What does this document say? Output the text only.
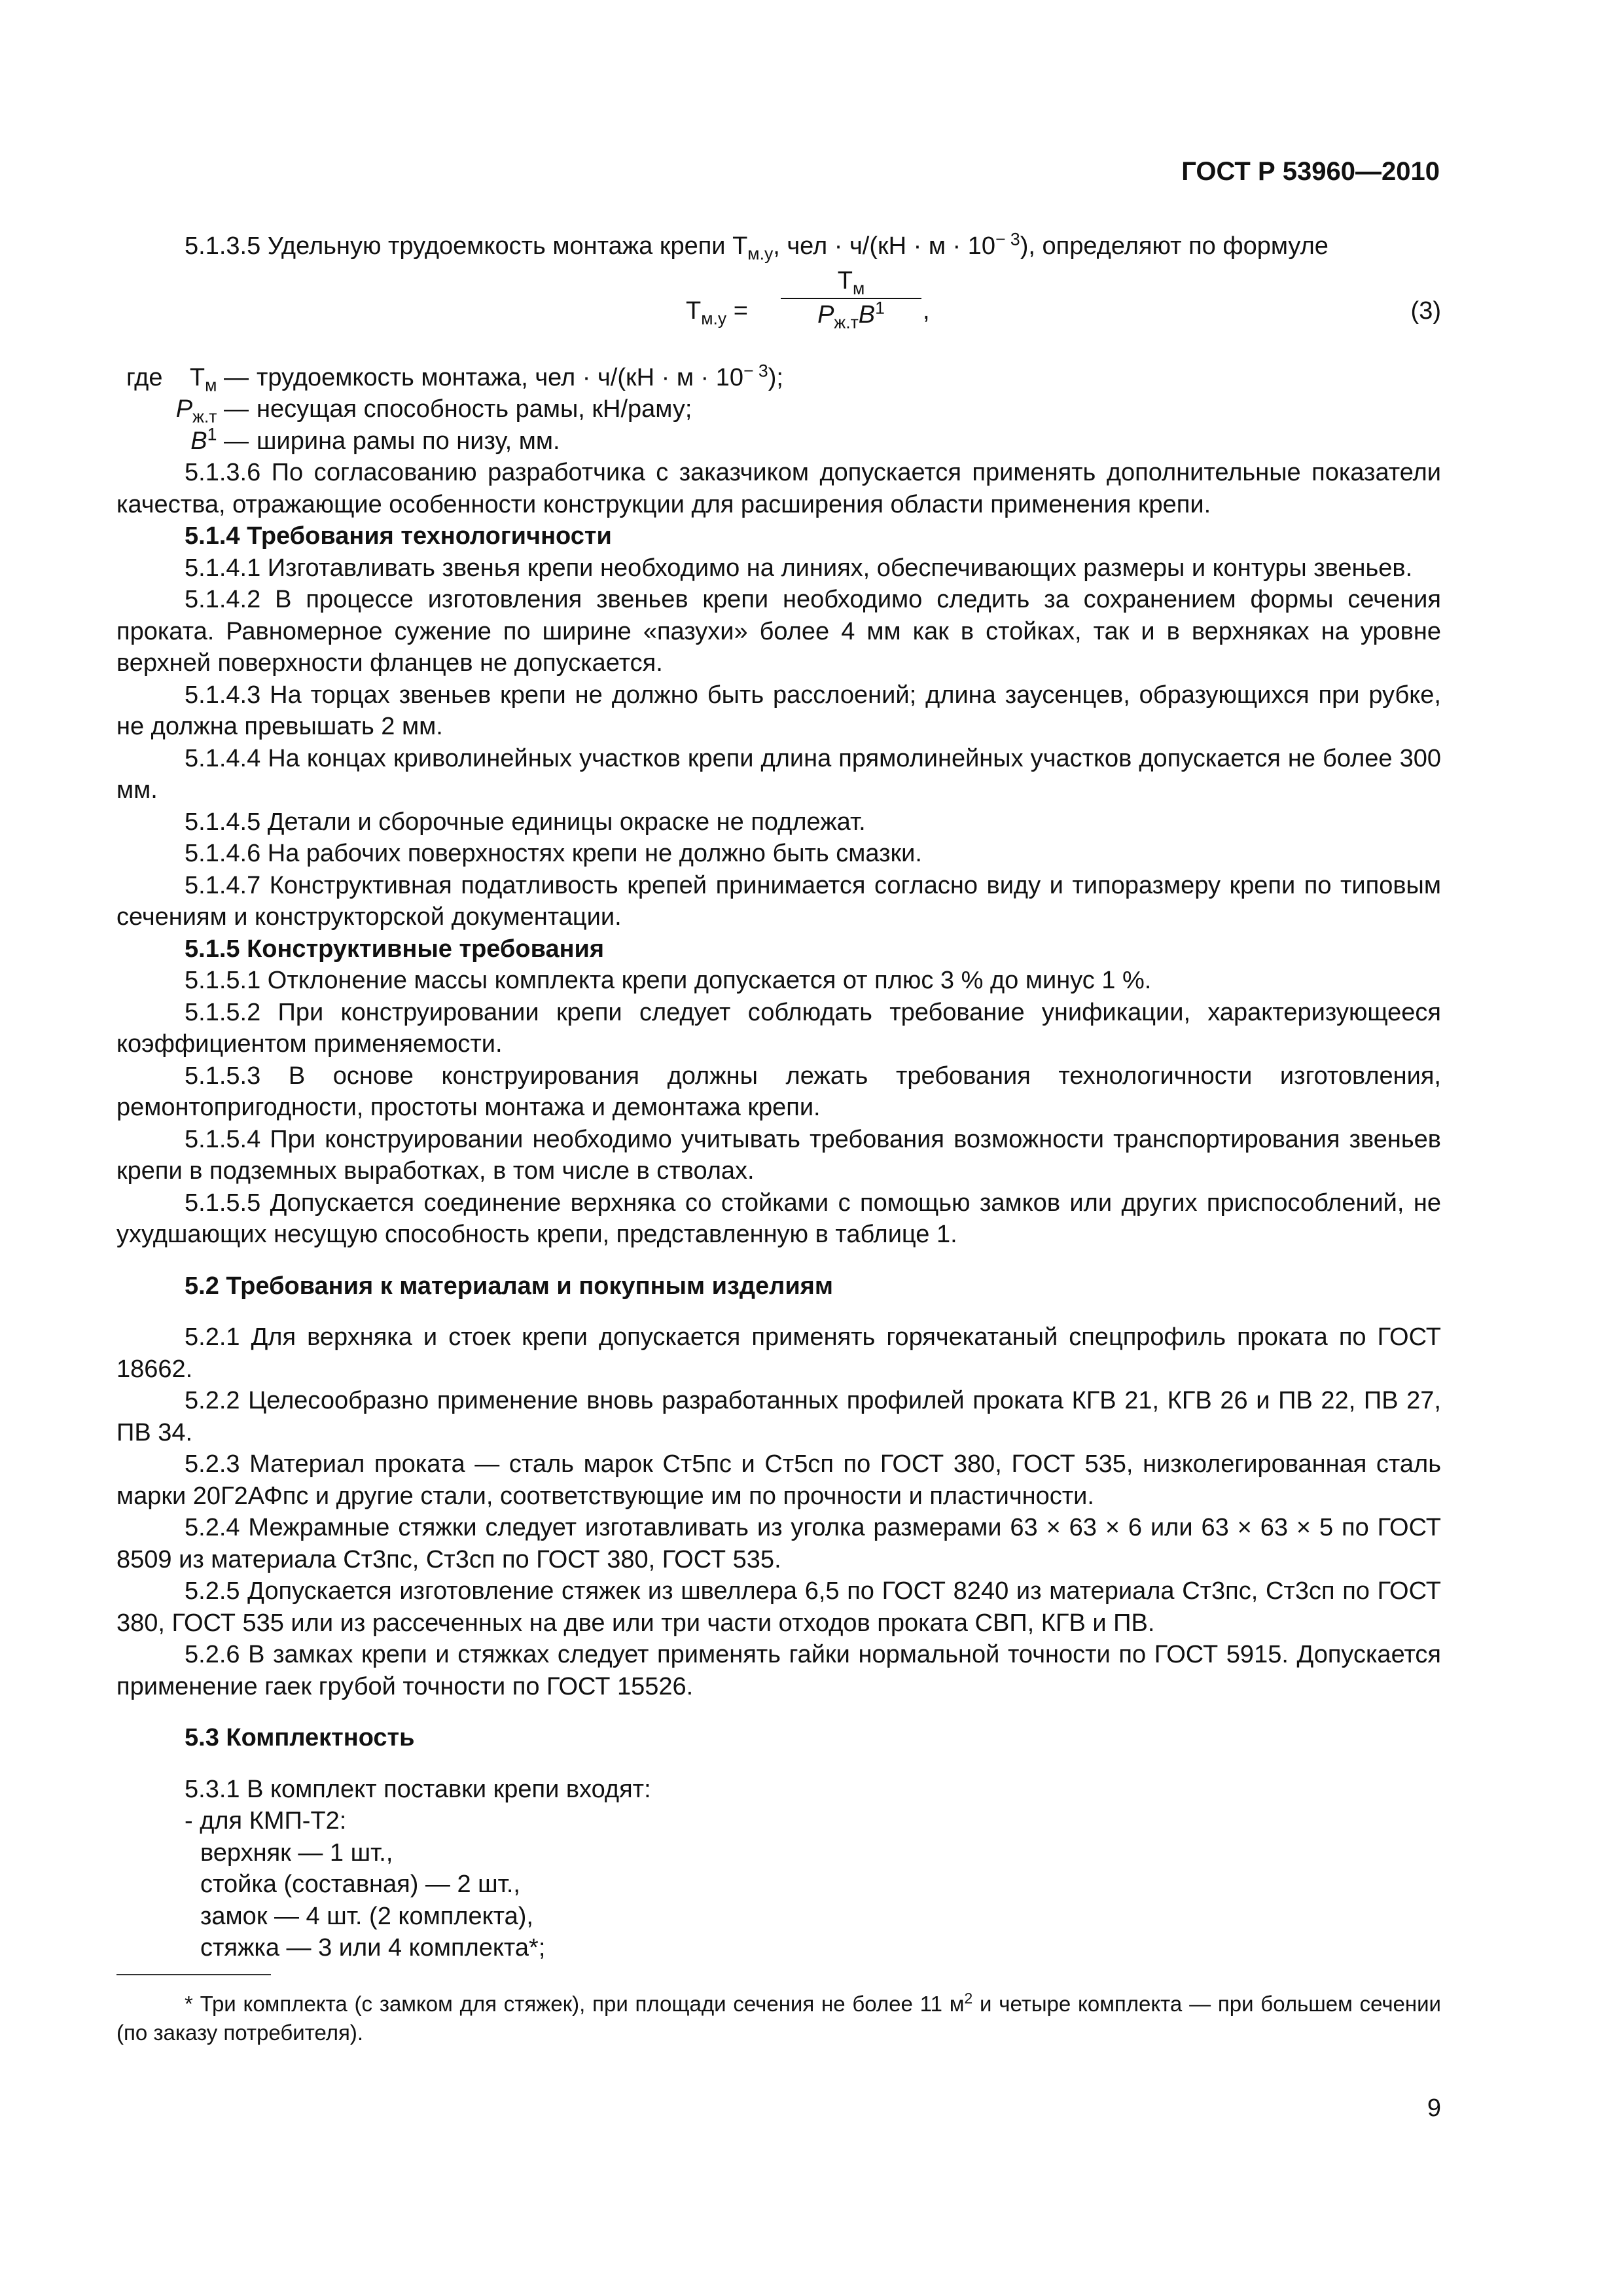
ГОСТ Р 53960—2010

5.1.3.5 Удельную трудоемкость монтажа крепи $Т_{м.у}$, чел · $ч/(кН \cdot м \cdot 10^{- 3})$, определяют по формуле

$Т_{м.у}$ =
$Т_м$
$Р_{ж.т}В^1$	,	(3)
где $Т_м$ — трудоемкость монтажа, чел · $ч/(кН \cdot м \cdot 10^{- 3})$;
$Р_{ж.т}$ — несущая способность рамы, кН/раму;
$В^1$ — ширина рамы по низу, мм.

5.1.3.6 По согласованию разработчика с заказчиком допускается применять дополнительные показатели качества, отражающие особенности конструкции для расширения области применения крепи.

5.1.4 Требования технологичности

5.1.4.1 Изготавливать звенья крепи необходимо на линиях, обеспечивающих размеры и контуры звеньев.

5.1.4.2 В процессе изготовления звеньев крепи необходимо следить за сохранением формы сечения проката. Равномерное сужение по ширине «пазухи» более 4 мм как в стойках, так и в верхняках на уровне верхней поверхности фланцев не допускается.

5.1.4.3 На торцах звеньев крепи не должно быть расслоений; длина заусенцев, образующихся при рубке, не должна превышать 2 мм.

5.1.4.4 На концах криволинейных участков крепи длина прямолинейных участков допускается не более 300 мм.

5.1.4.5 Детали и сборочные единицы окраске не подлежат.

5.1.4.6 На рабочих поверхностях крепи не должно быть смазки.

5.1.4.7 Конструктивная податливость крепей принимается согласно виду и типоразмеру крепи по типовым сечениям и конструкторской документации.

5.1.5 Конструктивные требования

5.1.5.1 Отклонение массы комплекта крепи допускается от плюс 3 % до минус 1 %.

5.1.5.2 При конструировании крепи следует соблюдать требование унификации, характеризующееся коэффициентом применяемости.

5.1.5.3 В основе конструирования должны лежать требования технологичности изготовления, ремонтопригодности, простоты монтажа и демонтажа крепи.

5.1.5.4 При конструировании необходимо учитывать требования возможности транспортирования звеньев крепи в подземных выработках, в том числе в стволах.

5.1.5.5 Допускается соединение верхняка со стойками с помощью замков или других приспособлений, не ухудшающих несущую способность крепи, представленную в таблице 1.

5.2 Требования к материалам и покупным изделиям

5.2.1 Для верхняка и стоек крепи допускается применять горячекатаный спецпрофиль проката по ГОСТ 18662.

5.2.2 Целесообразно применение вновь разработанных профилей проката КГВ 21, КГВ 26 и ПВ 22, ПВ 27, ПВ 34.

5.2.3 Материал проката — сталь марок Ст5пс и Ст5сп по ГОСТ 380, ГОСТ 535, низколегированная сталь марки 20Г2АФпс и другие стали, соответствующие им по прочности и пластичности.

5.2.4 Межрамные стяжки следует изготавливать из уголка размерами 63 × 63 × 6 или 63 × 63 × 5 по ГОСТ 8509 из материала Ст3пс, Ст3сп по ГОСТ 380, ГОСТ 535.

5.2.5 Допускается изготовление стяжек из швеллера 6,5 по ГОСТ 8240 из материала Ст3пс, Ст3сп по ГОСТ 380, ГОСТ 535 или из рассеченных на две или три части отходов проката СВП, КГВ и ПВ.

5.2.6 В замках крепи и стяжках следует применять гайки нормальной точности по ГОСТ 5915. Допускается применение гаек грубой точности по ГОСТ 15526.

5.3 Комплектность

5.3.1 В комплект поставки крепи входят:

- для КМП-Т2:

верхняк — 1 шт.,

стойка (составная) — 2 шт.,

замок — 4 шт. (2 комплекта),

стяжка — 3 или 4 комплекта*;

* Три комплекта (с замком для стяжек), при площади сечения не более 11 $м^2$ и четыре комплекта — при большем сечении (по заказу потребителя).
9
